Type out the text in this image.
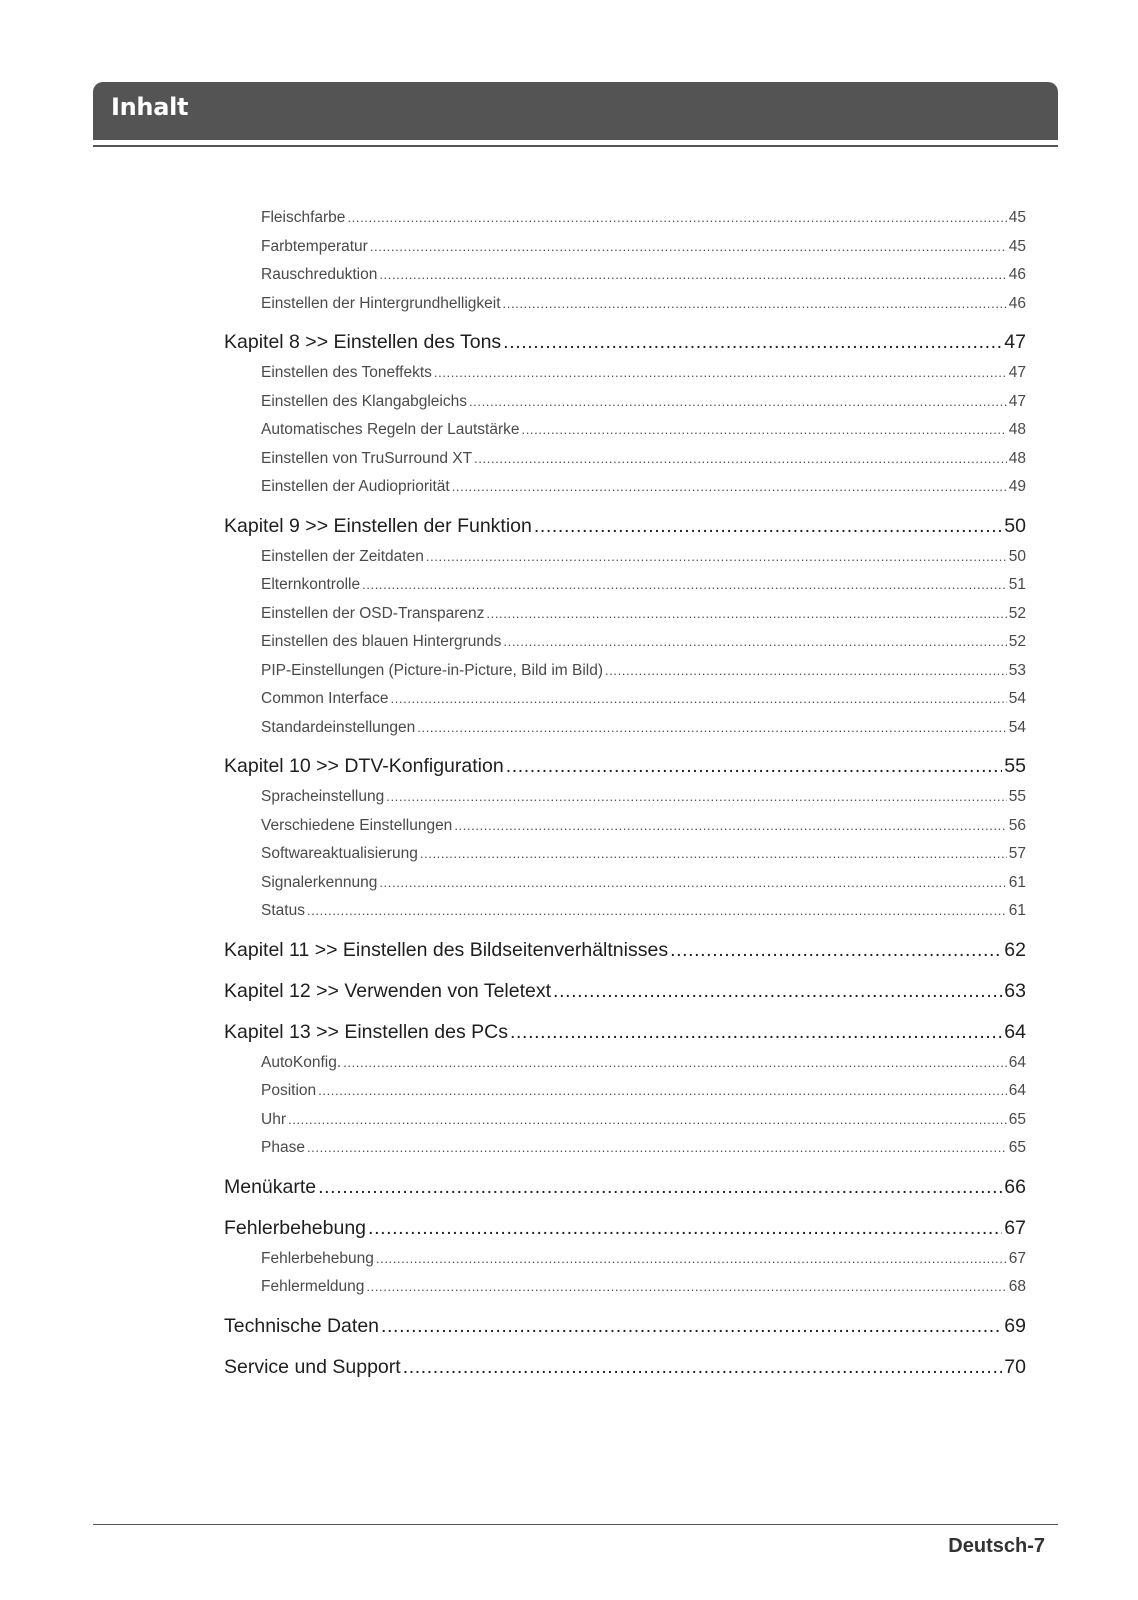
Inhalt
Fleischfarbe .....	45
Farbtemperatur .....	45
Rauschreduktion .....	46
Einstellen der Hintergrundhelligkeit .....	46
Kapitel 8 >> Einstellen des Tons .....	47
Einstellen des Toneffekts .....	47
Einstellen des Klangabgleichs .....	47
Automatisches Regeln der Lautstärke .....	48
Einstellen von TruSurround XT .....	48
Einstellen der Audiopriorität .....	49
Kapitel 9 >> Einstellen der Funktion .....	50
Einstellen der Zeitdaten .....	50
Elternkontrolle .....	51
Einstellen der OSD-Transparenz .....	52
Einstellen des blauen Hintergrunds .....	52
PIP-Einstellungen (Picture-in-Picture, Bild im Bild) .....	53
Common Interface .....	54
Standardeinstellungen .....	54
Kapitel 10 >> DTV-Konfiguration .....	55
Spracheinstellung .....	55
Verschiedene Einstellungen .....	56
Softwareaktualisierung .....	57
Signalerkennung .....	61
Status .....	61
Kapitel 11 >> Einstellen des Bildseitenverhältnisses .....	62
Kapitel 12 >> Verwenden von Teletext .....	63
Kapitel 13 >> Einstellen des PCs .....	64
AutoKonfig. .....	64
Position .....	64
Uhr .....	65
Phase .....	65
Menükarte .....	66
Fehlerbehebung .....	67
Fehlerbehebung .....	67
Fehlermeldung .....	68
Technische Daten .....	69
Service und Support .....	70
Deutsch-7
